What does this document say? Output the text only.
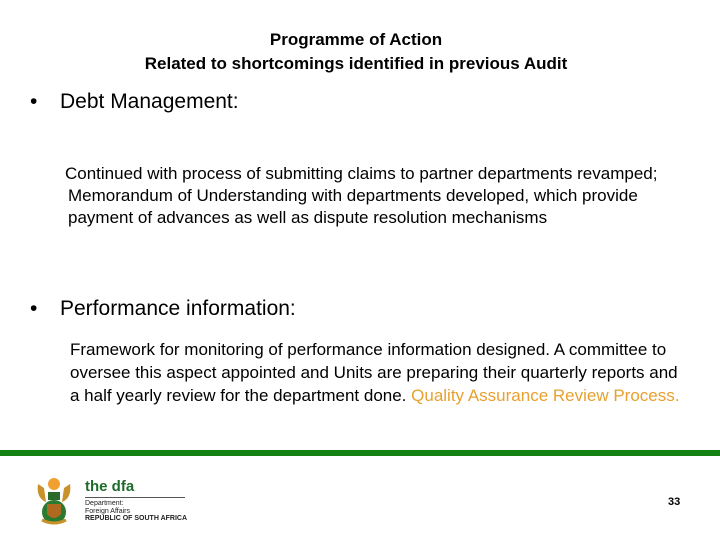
Programme of Action
Related to shortcomings identified in previous Audit
• Debt Management:
Continued with process of submitting claims to partner departments revamped; Memorandum of Understanding with departments developed, which provide payment of advances as well as dispute resolution mechanisms
• Performance information:
Framework for monitoring of performance information designed. A committee to oversee this aspect appointed and Units are preparing their quarterly reports and a half yearly review for the department done. Quality Assurance Review Process.
the dfa
Department:
Foreign Affairs
REPUBLIC OF SOUTH AFRICA
33
